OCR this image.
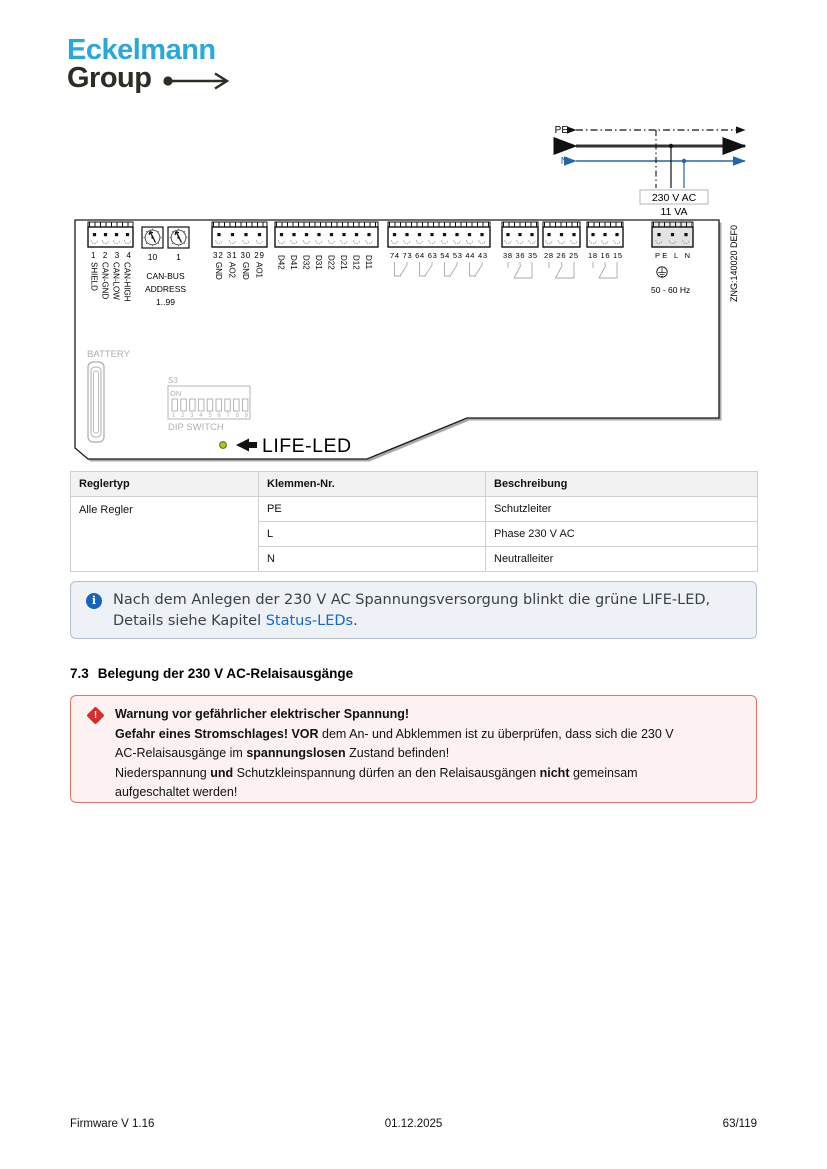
Eckelmann
Group
PE
L
N
230 V AC
11 VA
1 2 3 4
SHIELD CAN-GND CAN-LOW CAN-HIGH
10 1
CAN-BUS
ADDRESS
1..99
32 31 30 29
GND AO2 GND AO1 D42 D41 D32 D31 D22 D21 D12 D11 74 73 64 63 54 53 44 43 38 36 35 28 26 25 18 16 15	PE L N
50 - 60 Hz	ZNG:140020 DEF0
BATTERY
S3
ON
1 2 3 4 5 6 7 8 9
DIP SWITCH
LIFE-LED
Reglertyp	Klemmen-Nr.	Beschreibung
Alle Regler	PE	Schutzleiter
	L	Phase 230 V AC
	N	Neutralleiter
i	Nach dem Anlegen der 230 V AC Spannungsversorgung blinkt die grüne LIFE-LED,
Details siehe Kapitel Status-LEDs.
7.3 Belegung der 230 V AC-Relaisausgänge
!	Warnung vor gefährlicher elektrischer Spannung!
Gefahr eines Stromschlages! VOR dem An- und Abklemmen ist zu überprüfen, dass sich die 230 V
AC-Relaisausgänge im spannungslosen Zustand befinden!
Niederspannung und Schutzkleinspannung dürfen an den Relaisausgängen nicht gemeinsam
aufgeschaltet werden!
Firmware V 1.16	01.12.2025	63/119
